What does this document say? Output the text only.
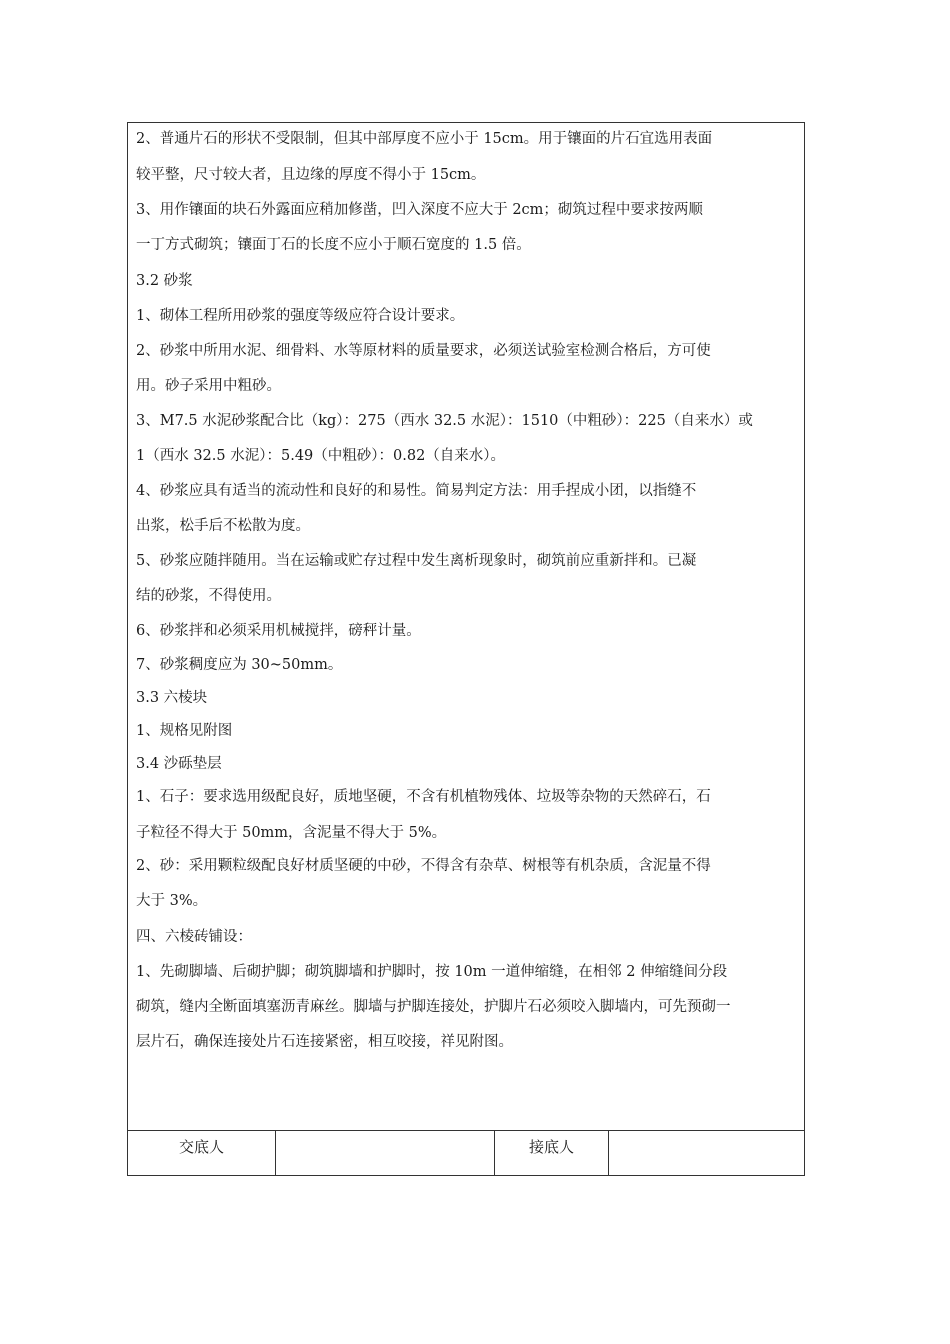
2、普通片石的形状不受限制，但其中部厚度不应小于 15cm。用于镶面的片石宜选用表面
较平整，尺寸较大者，且边缘的厚度不得小于 15cm。
3、用作镶面的块石外露面应稍加修凿，凹入深度不应大于 2cm；砌筑过程中要求按两顺
一丁方式砌筑；镶面丁石的长度不应小于顺石宽度的 1.5 倍。
3.2 砂浆
1、砌体工程所用砂浆的强度等级应符合设计要求。
2、砂浆中所用水泥、细骨料、水等原材料的质量要求，必须送试验室检测合格后，方可使
用。砂子采用中粗砂。
3、M7.5 水泥砂浆配合比（kg）：275（西水 32.5 水泥）：1510（中粗砂）：225（自来水）或
1（西水 32.5 水泥）：5.49（中粗砂）：0.82（自来水）。
4、砂浆应具有适当的流动性和良好的和易性。简易判定方法：用手捏成小团，以指缝不
出浆，松手后不松散为度。
5、砂浆应随拌随用。当在运输或贮存过程中发生离析现象时，砌筑前应重新拌和。已凝
结的砂浆，不得使用。
6、砂浆拌和必须采用机械搅拌，磅秤计量。
7、砂浆稠度应为 30~50mm。
3.3 六棱块
1、规格见附图
3.4 沙砾垫层
1、石子：要求选用级配良好，质地坚硬，不含有机植物残体、垃圾等杂物的天然碎石，石
子粒径不得大于 50mm，含泥量不得大于 5%。
2、砂：采用颗粒级配良好材质坚硬的中砂，不得含有杂草、树根等有机杂质，含泥量不得
大于 3%。
四、六棱砖铺设：
1、先砌脚墙、后砌护脚；砌筑脚墙和护脚时，按 10m 一道伸缩缝，在相邻 2 伸缩缝间分段
砌筑，缝内全断面填塞沥青麻丝。脚墙与护脚连接处，护脚片石必须咬入脚墙内，可先预砌一
层片石，确保连接处片石连接紧密，相互咬接，祥见附图。
交底人	接底人
